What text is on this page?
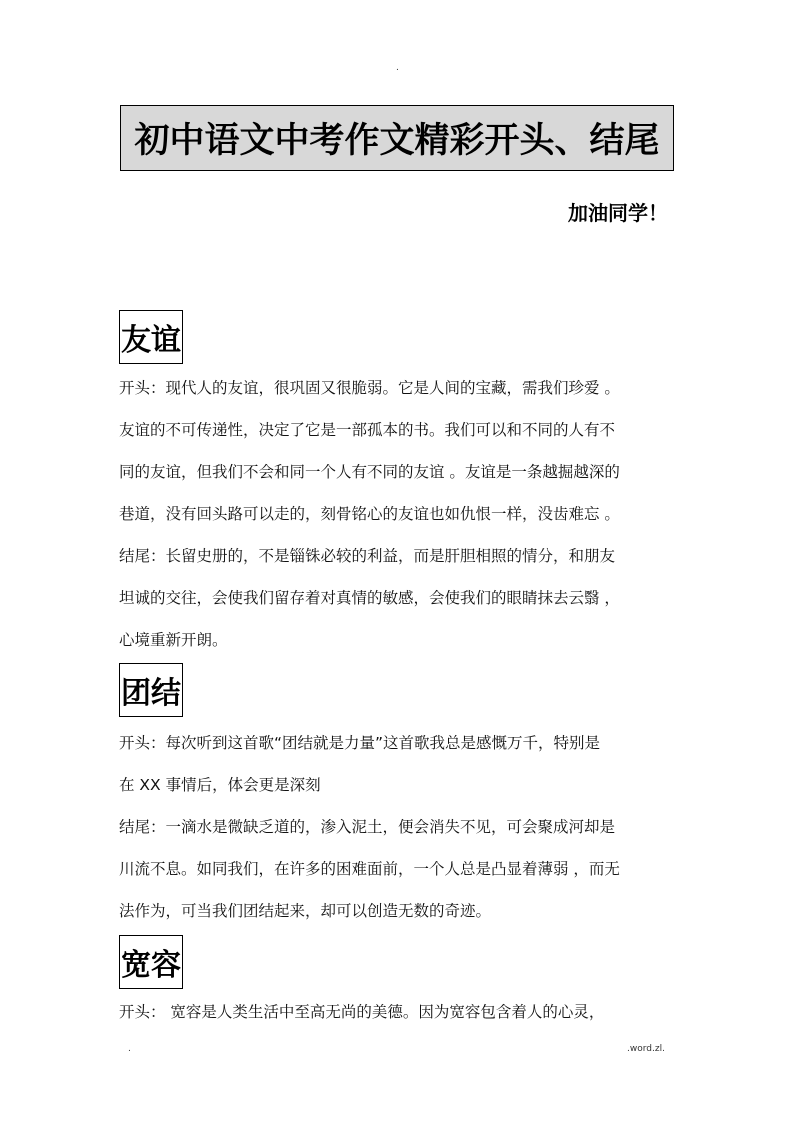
.
初中语文中考作文精彩开头、结尾
加油同学！
友谊
开头：现代人的友谊，很巩固又很脆弱。它是人间的宝藏，需我们珍爱 。
友谊的不可传递性，决定了它是一部孤本的书。我们可以和不同的人有不
同的友谊，但我们不会和同一个人有不同的友谊 。友谊是一条越掘越深的
巷道，没有回头路可以走的，刻骨铭心的友谊也如仇恨一样，没齿难忘 。
结尾：长留史册的，不是锱铢必较的利益，而是肝胆相照的情分，和朋友
坦诚的交往，会使我们留存着对真情的敏感，会使我们的眼睛抹去云翳 ，
心境重新开朗。
团结
开头：每次听到这首歌“团结就是力量”这首歌我总是感慨万千，特别是
在 XX 事情后，体会更是深刻
结尾：一滴水是微缺乏道的，渗入泥土，便会消失不见，可会聚成河却是
川流不息。如同我们，在许多的困难面前，一个人总是凸显着薄弱 ，而无
法作为，可当我们团结起来，却可以创造无数的奇迹。
宽容
开头： 宽容是人类生活中至高无尚的美德。因为宽容包含着人的心灵，
.	.word.zl.
